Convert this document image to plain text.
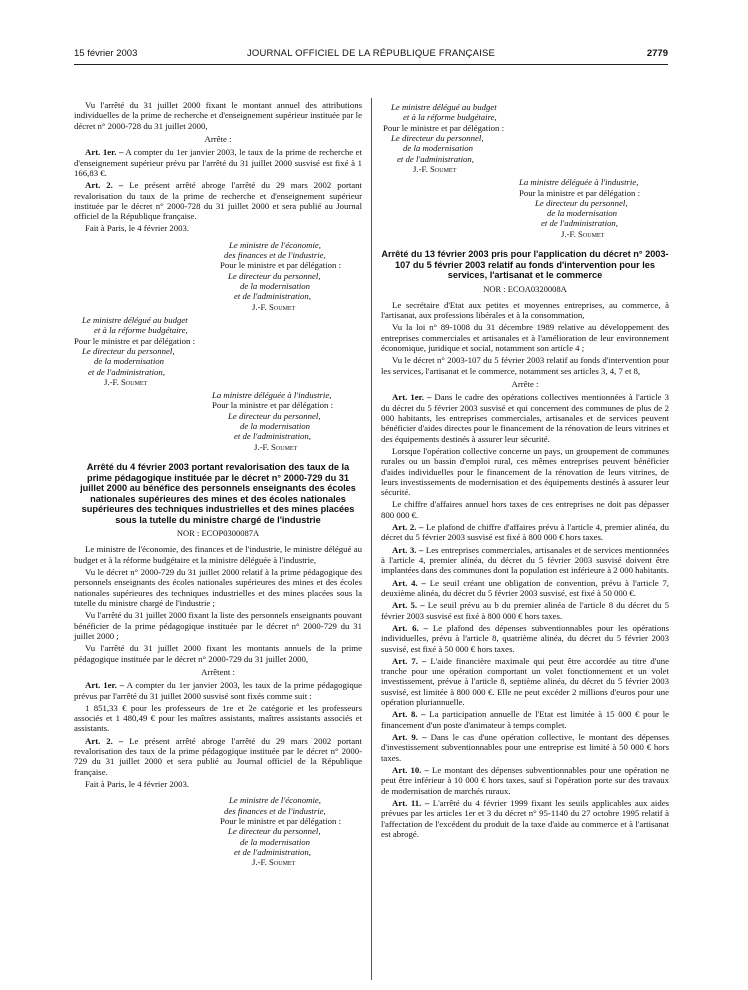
15 février 2003	JOURNAL OFFICIEL DE LA RÉPUBLIQUE FRANÇAISE	2779

Vu l'arrêté du 31 juillet 2000 fixant le montant annuel des attributions individuelles de la prime de recherche et d'enseignement supérieur instituée par le décret n° 2000-728 du 31 juillet 2000,

Arrête :

Art. 1er. – A compter du 1er janvier 2003, le taux de la prime de recherche et d'enseignement supérieur prévu par l'arrêté du 31 juillet 2000 susvisé est fixé à 1 166,83 €.

Art. 2. – Le présent arrêté abroge l'arrêté du 29 mars 2002 portant revalorisation du taux de la prime de recherche et d'enseignement supérieur instituée par le décret n° 2000-728 du 31 juillet 2000 et sera publié au Journal officiel de la République française.

Fait à Paris, le 4 février 2003.

Le ministre de l'économie,
des finances et de l'industrie,
Pour le ministre et par délégation :
Le directeur du personnel,
de la modernisation
et de l'administration,
J.-F. Soumet
Le ministre délégué au budget
et à la réforme budgétaire,
Pour le ministre et par délégation :
Le directeur du personnel,
de la modernisation
et de l'administration,
J.-F. Soumet
La ministre déléguée à l'industrie,
Pour la ministre et par délégation :
Le directeur du personnel,
de la modernisation
et de l'administration,
J.-F. Soumet
Arrêté du 4 février 2003 portant revalorisation des taux de la prime pédagogique instituée par le décret n° 2000-729 du 31 juillet 2000 au bénéfice des personnels enseignants des écoles nationales supérieures des mines et des écoles nationales supérieures des techniques industrielles et des mines placées sous la tutelle du ministre chargé de l'industrie
NOR : ECOP0300087A

Le ministre de l'économie, des finances et de l'industrie, le ministre délégué au budget et à la réforme budgétaire et la ministre déléguée à l'industrie,

Vu le décret n° 2000-729 du 31 juillet 2000 relatif à la prime pédagogique des personnels enseignants des écoles nationales supérieures des mines et des écoles nationales supérieures des techniques industrielles et des mines placées sous la tutelle du ministre chargé de l'industrie ;

Vu l'arrêté du 31 juillet 2000 fixant la liste des personnels enseignants pouvant bénéficier de la prime pédagogique instituée par le décret n° 2000-729 du 31 juillet 2000 ;

Vu l'arrêté du 31 juillet 2000 fixant les montants annuels de la prime pédagogique instituée par le décret n° 2000-729 du 31 juillet 2000,

Arrêtent :

Art. 1er. – A compter du 1er janvier 2003, les taux de la prime pédagogique prévus par l'arrêté du 31 juillet 2000 susvisé sont fixés comme suit :

1 851,33 € pour les professeurs de 1re et 2e catégorie et les professeurs associés et 1 480,49 € pour les maîtres assistants, maîtres assistants associés et assistants.

Art. 2. – Le présent arrêté abroge l'arrêté du 29 mars 2002 portant revalorisation des taux de la prime pédagogique instituée par le décret n° 2000-729 du 31 juillet 2000 et sera publié au Journal officiel de la République française.

Fait à Paris, le 4 février 2003.

Le ministre de l'économie,
des finances et de l'industrie,
Pour le ministre et par délégation :
Le directeur du personnel,
de la modernisation
et de l'administration,
J.-F. Soumet
Le ministre délégué au budget
et à la réforme budgétaire,
Pour le ministre et par délégation :
Le directeur du personnel,
de la modernisation
et de l'administration,
J.-F. Soumet
La ministre déléguée à l'industrie,
Pour la ministre et par délégation :
Le directeur du personnel,
de la modernisation
et de l'administration,
J.-F. Soumet
Arrêté du 13 février 2003 pris pour l'application du décret n° 2003-107 du 5 février 2003 relatif au fonds d'intervention pour les services, l'artisanat et le commerce
NOR : ECOA0320008A

Le secrétaire d'Etat aux petites et moyennes entreprises, au commerce, à l'artisanat, aux professions libérales et à la consommation,

Vu la loi n° 89-1008 du 31 décembre 1989 relative au développement des entreprises commerciales et artisanales et à l'amélioration de leur environnement économique, juridique et social, notamment son article 4 ;

Vu le décret n° 2003-107 du 5 février 2003 relatif au fonds d'intervention pour les services, l'artisanat et le commerce, notamment ses articles 3, 4, 7 et 8,

Arrête :

Art. 1er. – Dans le cadre des opérations collectives mentionnées à l'article 3 du décret du 5 février 2003 susvisé et qui concernent des communes de plus de 2 000 habitants, les entreprises commerciales, artisanales et de services peuvent bénéficier d'aides directes pour le financement de la rénovation de leurs vitrines et des équipements destinés à assurer leur sécurité.

Lorsque l'opération collective concerne un pays, un groupement de communes rurales ou un bassin d'emploi rural, ces mêmes entreprises peuvent bénéficier d'aides individuelles pour le financement de la rénovation de leurs vitrines, de leurs investissements de modernisation et des équipements destinés à assurer leur sécurité.

Le chiffre d'affaires annuel hors taxes de ces entreprises ne doit pas dépasser 800 000 €.

Art. 2. – Le plafond de chiffre d'affaires prévu à l'article 4, premier alinéa, du décret du 5 février 2003 susvisé est fixé à 800 000 € hors taxes.

Art. 3. – Les entreprises commerciales, artisanales et de services mentionnées à l'article 4, premier alinéa, du décret du 5 février 2003 susvisé doivent être implantées dans des communes dont la population est inférieure à 2 000 habitants.

Art. 4. – Le seuil créant une obligation de convention, prévu à l'article 7, deuxième alinéa, du décret du 5 février 2003 susvisé, est fixé à 50 000 €.

Art. 5. – Le seuil prévu au b du premier alinéa de l'article 8 du décret du 5 février 2003 susvisé est fixé à 800 000 € hors taxes.

Art. 6. – Le plafond des dépenses subventionnables pour les opérations individuelles, prévu à l'article 8, quatrième alinéa, du décret du 5 février 2003 susvisé, est fixé à 50 000 € hors taxes.

Art. 7. – L'aide financière maximale qui peut être accordée au titre d'une tranche pour une opération comportant un volet fonctionnement et un volet investissement, prévue à l'article 8, septième alinéa, du décret du 5 février 2003 susvisé, est limitée à 800 000 €. Elle ne peut excéder 2 millions d'euros pour une opération pluriannuelle.

Art. 8. – La participation annuelle de l'Etat est limitée à 15 000 € pour le financement d'un poste d'animateur à temps complet.

Art. 9. – Dans le cas d'une opération collective, le montant des dépenses d'investissement subventionnables pour une entreprise est limité à 50 000 € hors taxes.

Art. 10. – Le montant des dépenses subventionnables pour une opération ne peut être inférieur à 10 000 € hors taxes, sauf si l'opération porte sur des travaux de modernisation de marchés ruraux.

Art. 11. – L'arrêté du 4 février 1999 fixant les seuils applicables aux aides prévues par les articles 1er et 3 du décret n° 95-1140 du 27 octobre 1995 relatif à l'affectation de l'excédent du produit de la taxe d'aide au commerce et à l'artisanat est abrogé.
